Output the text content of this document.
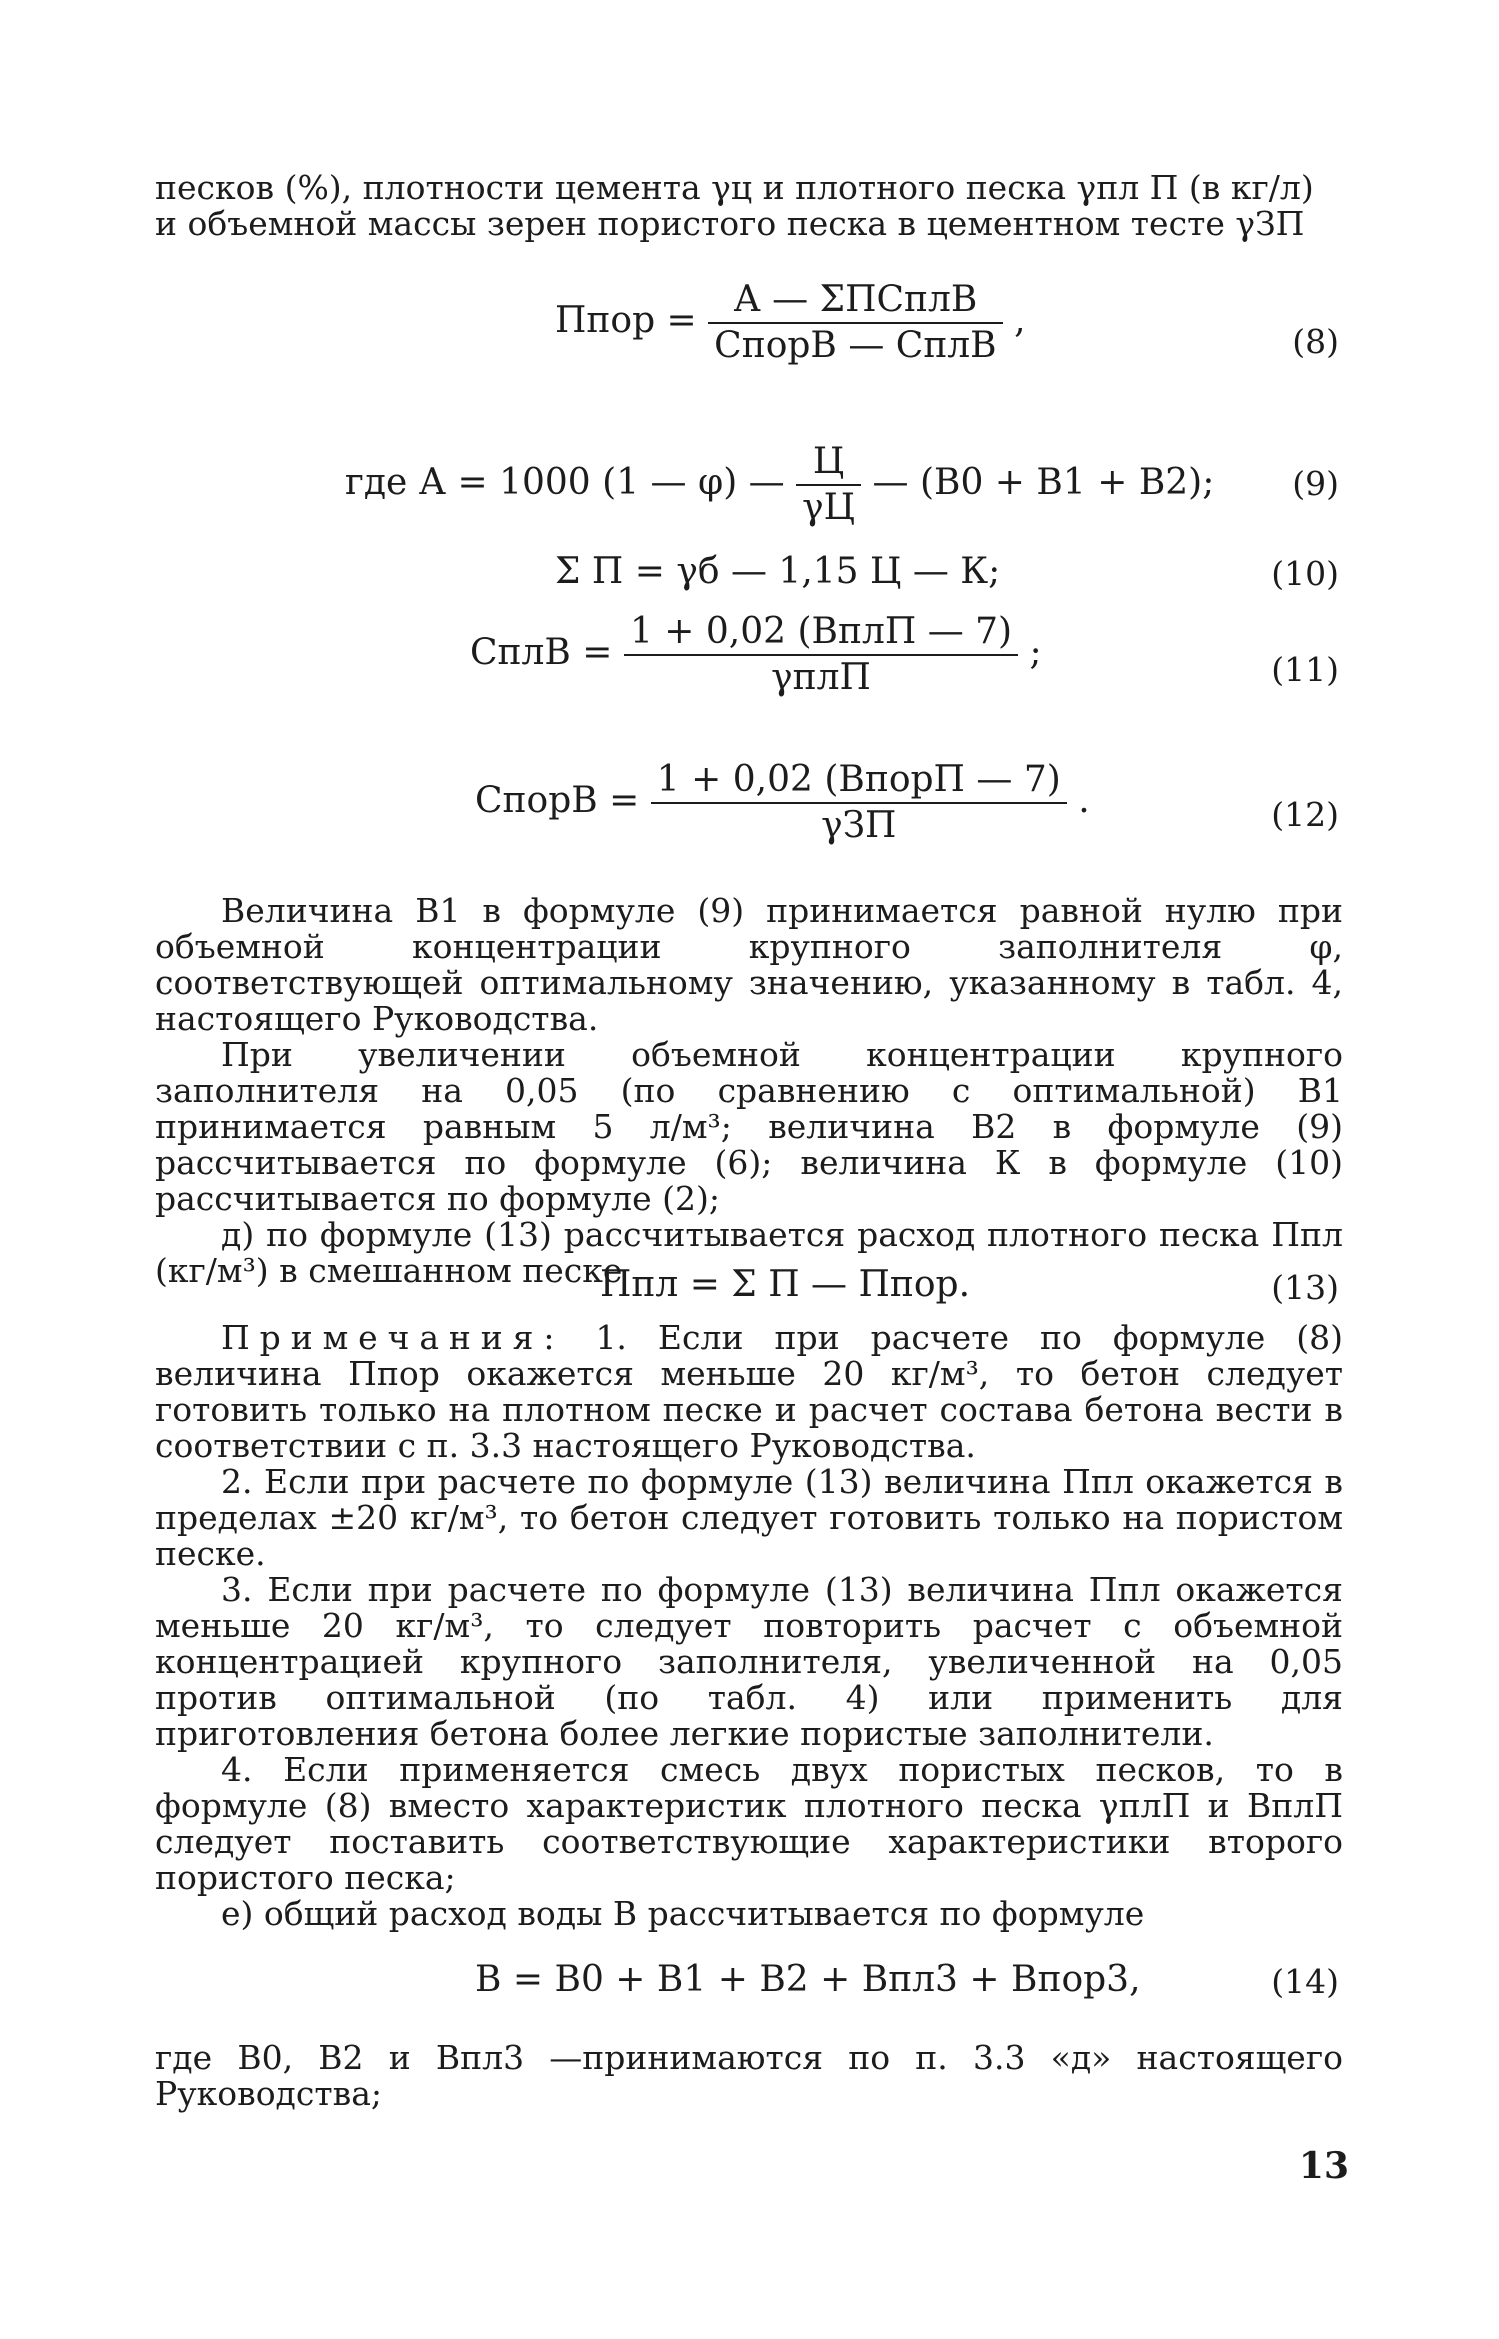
песков (%), плотности цемента γц и плотного песка γпл П (в кг/л)

и объемной массы зерен пористого песка в цементном тесте γЗП

Ппор = $\frac{\text{А — ΣПСплВ}}{\text{СпорВ — СплВ}}$ ,
(8)
где А = 1000 (1 — φ) — $\frac{Ц}{\gamma Ц}$ — (В0 + В1 + В2); (9)
Σ П = γб — 1,15 Ц — К;	(10)
СплВ = $\frac{\text{1 + 0,02 (ВплП — 7)}}{\text{γплП}}$ ;	(11)
СпорВ = $\frac{\text{1 + 0,02 (ВпорП — 7)}}{\text{γЗП}}$ .	(12)

Величина В1 в формуле (9) принимается равной нулю при объемной концентрации крупного заполнителя φ, соответствующей оптимальному значению, указанному в табл. 4, настоящего Руководства.

При увеличении объемной концентрации крупного заполнителя на 0,05 (по сравнению с оптимальной) В1 принимается равным 5 л/м³; величина В2 в формуле (9) рассчитывается по формуле (6); величина К в формуле (10) рассчитывается по формуле (2);

д) по формуле (13) рассчитывается расход плотного песка Ппл (кг/м³) в смешанном песке

Ппл = Σ П — Ппор.	(13)

Примечания: 1. Если при расчете по формуле (8) величина Ппор окажется меньше 20 кг/м³, то бетон следует готовить только на плотном песке и расчет состава бетона вести в соответствии с п. 3.3 настоящего Руководства.

2. Если при расчете по формуле (13) величина Ппл окажется в пределах ±20 кг/м³, то бетон следует готовить только на пористом песке.

3. Если при расчете по формуле (13) величина Ппл окажется меньше 20 кг/м³, то следует повторить расчет с объемной концентрацией крупного заполнителя, увеличенной на 0,05 против оптимальной (по табл. 4) или применить для приготовления бетона более легкие пористые заполнители.

4. Если применяется смесь двух пористых песков, то в формуле (8) вместо характеристик плотного песка γплП и ВплП следует поставить соответствующие характеристики второго пористого песка;

е) общий расход воды В рассчитывается по формуле

В = В0 + В1 + В2 + Впл3 + Впор3,	(14)

где В0, В2 и Впл3 —принимаются по п. 3.3 «д» настоящего Руководства;

13
